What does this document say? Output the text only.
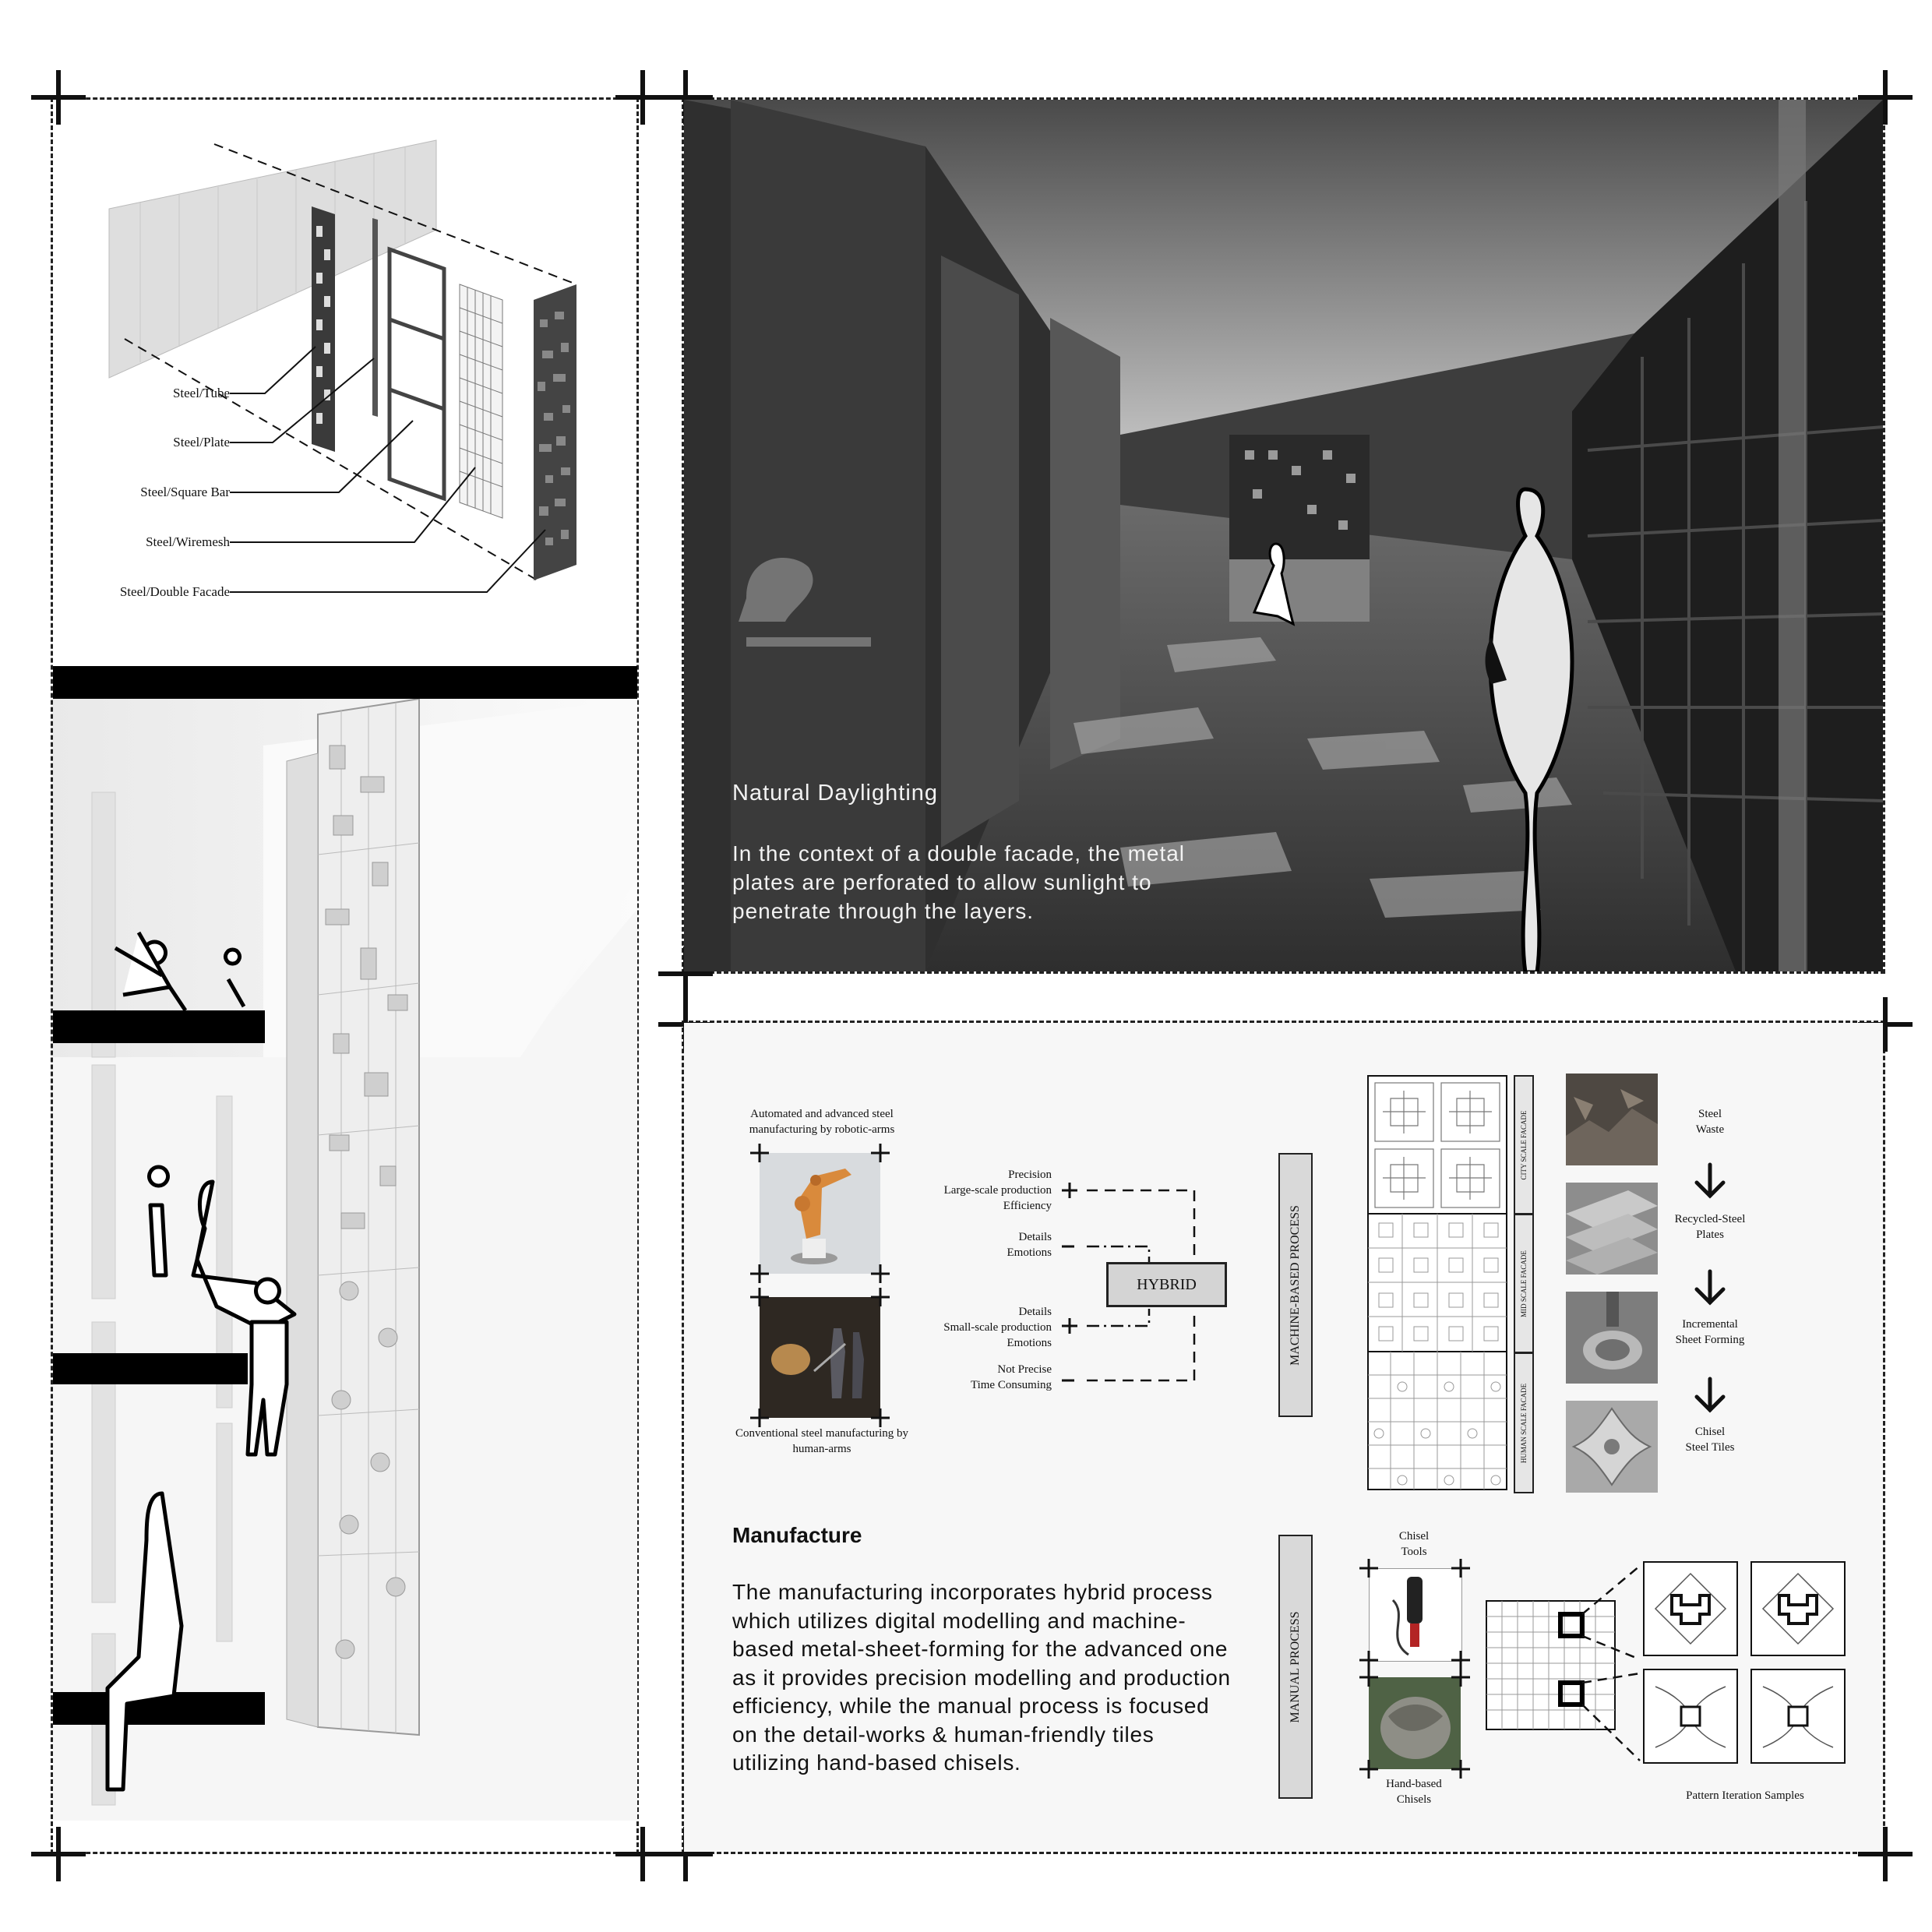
Steel/Tube
Steel/Plate
Steel/Square Bar
Steel/Wiremesh
Steel/Double Facade
Natural Daylighting
In the context of a double facade, the metal plates are perforated to allow sunlight to penetrate through the layers.
Automated and advanced steel manufacturing by robotic-arms
Conventional steel manufacturing by human-arms
Precision
Large-scale production
Efficiency
Details
Emotions
Details
Small-scale production
Emotions
Not Precise
Time Consuming
HYBRID	MACHINE-BASED PROCESS
CITY SCALE FACADE
MID SCALE FACADE
HUMAN SCALE FACADE
Steel
Waste
Recycled-Steel
Plates
Incremental
Sheet Forming
Chisel
Steel Tiles
Manufacture
The manufacturing incorporates hybrid process which utilizes digital modelling and machine-based metal-sheet-forming for the advanced one as it provides precision modelling and production efficiency, while the manual process is focused on the detail-works & human-friendly tiles utilizing hand-based chisels.
MANUAL PROCESS
Chisel
Tools
Hand-based
Chisels	Pattern Iteration Samples
